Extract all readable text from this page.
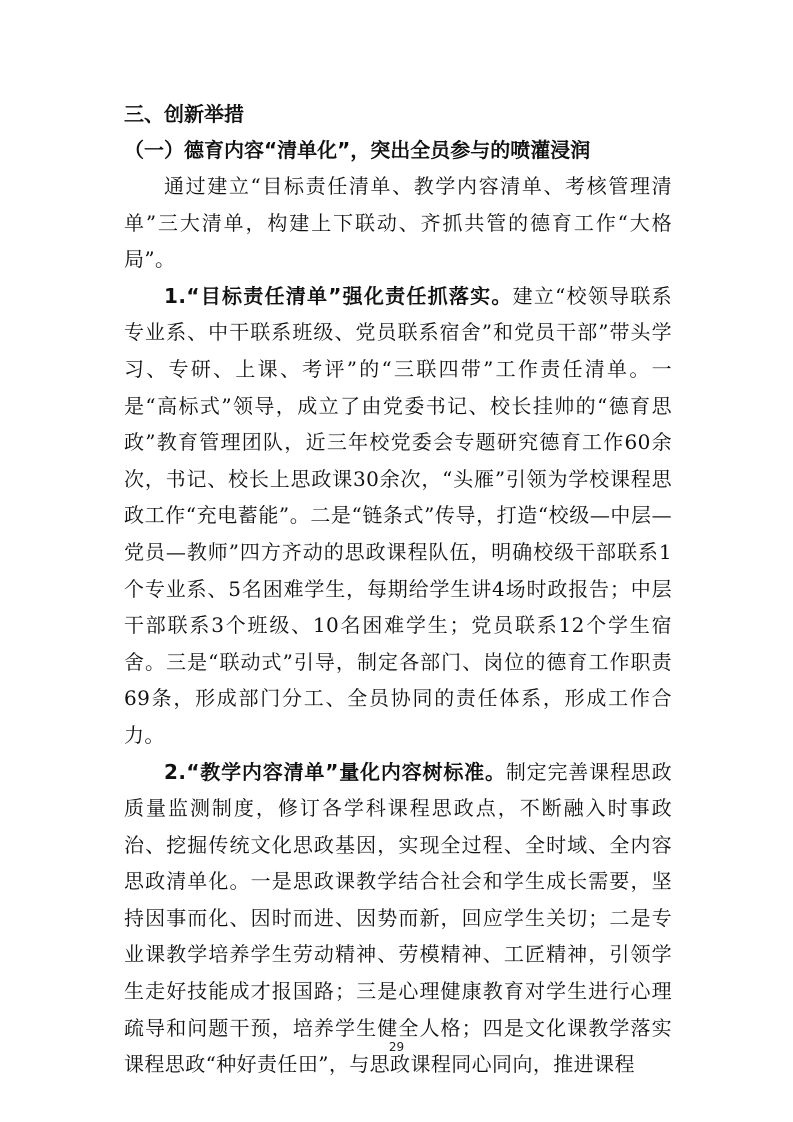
三、创新举措
（一）德育内容“清单化”，突出全员参与的喷灌浸润

通过建立“目标责任清单、教学内容清单、考核管理清单”三大清单，构建上下联动、齐抓共管的德育工作“大格局”。

1.“目标责任清单”强化责任抓落实。建立“校领导联系专业系、中干联系班级、党员联系宿舍”和党员干部”带头学习、专研、上课、考评”的“三联四带”工作责任清单。一是“高标式”领导，成立了由党委书记、校长挂帅的“德育思政”教育管理团队，近三年校党委会专题研究德育工作60余次，书记、校长上思政课30余次，“头雁”引领为学校课程思政工作“充电蓄能”。二是“链条式”传导，打造“校级—中层—党员—教师”四方齐动的思政课程队伍，明确校级干部联系1个专业系、5名困难学生，每期给学生讲4场时政报告；中层干部联系3个班级、10名困难学生；党员联系12个学生宿舍。三是“联动式”引导，制定各部门、岗位的德育工作职责69条，形成部门分工、全员协同的责任体系，形成工作合力。

2.“教学内容清单”量化内容树标准。制定完善课程思政质量监测制度，修订各学科课程思政点，不断融入时事政治、挖掘传统文化思政基因，实现全过程、全时域、全内容思政清单化。一是思政课教学结合社会和学生成长需要，坚持因事而化、因时而进、因势而新，回应学生关切；二是专业课教学培养学生劳动精神、劳模精神、工匠精神，引领学生走好技能成才报国路；三是心理健康教育对学生进行心理疏导和问题干预，培养学生健全人格；四是文化课教学落实课程思政“种好责任田”，与思政课程同心同向，推进课程

29
